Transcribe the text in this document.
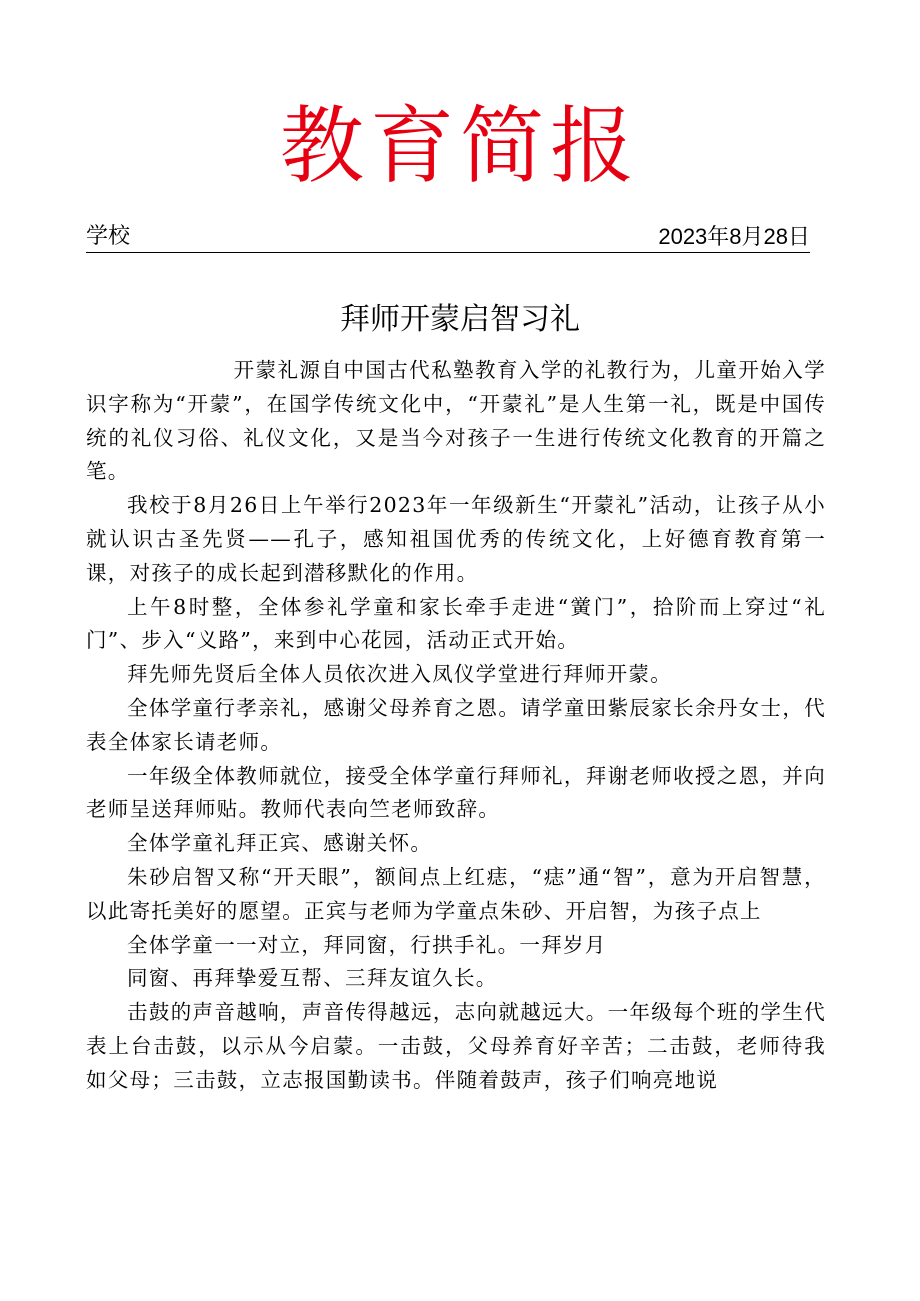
教育简报
学校	2023年8月28日
拜师开蒙启智习礼

开蒙礼源自中国古代私塾教育入学的礼教行为，儿童开始入学识字称为“开蒙”，在国学传统文化中，“开蒙礼”是人生第一礼，既是中国传统的礼仪习俗、礼仪文化，又是当今对孩子一生进行传统文化教育的开篇之笔。

我校于8月26日上午举行2023年一年级新生“开蒙礼”活动，让孩子从小就认识古圣先贤——孔子，感知祖国优秀的传统文化，上好德育教育第一课，对孩子的成长起到潜移默化的作用。

上午8时整，全体参礼学童和家长牵手走进“黉门”，拾阶而上穿过“礼门”、步入“义路”，来到中心花园，活动正式开始。

拜先师先贤后全体人员依次进入凤仪学堂进行拜师开蒙。

全体学童行孝亲礼，感谢父母养育之恩。请学童田紫辰家长余丹女士，代表全体家长请老师。

一年级全体教师就位，接受全体学童行拜师礼，拜谢老师收授之恩，并向老师呈送拜师贴。教师代表向竺老师致辞。

全体学童礼拜正宾、感谢关怀。

朱砂启智又称“开天眼”，额间点上红痣，“痣”通“智”，意为开启智慧，以此寄托美好的愿望。正宾与老师为学童点朱砂、开启智，为孩子点上

全体学童一一对立，拜同窗，行拱手礼。一拜岁月

同窗、再拜挚爱互帮、三拜友谊久长。

击鼓的声音越响，声音传得越远，志向就越远大。一年级每个班的学生代表上台击鼓，以示从今启蒙。一击鼓，父母养育好辛苦；二击鼓，老师待我如父母；三击鼓，立志报国勤读书。伴随着鼓声，孩子们响亮地说
